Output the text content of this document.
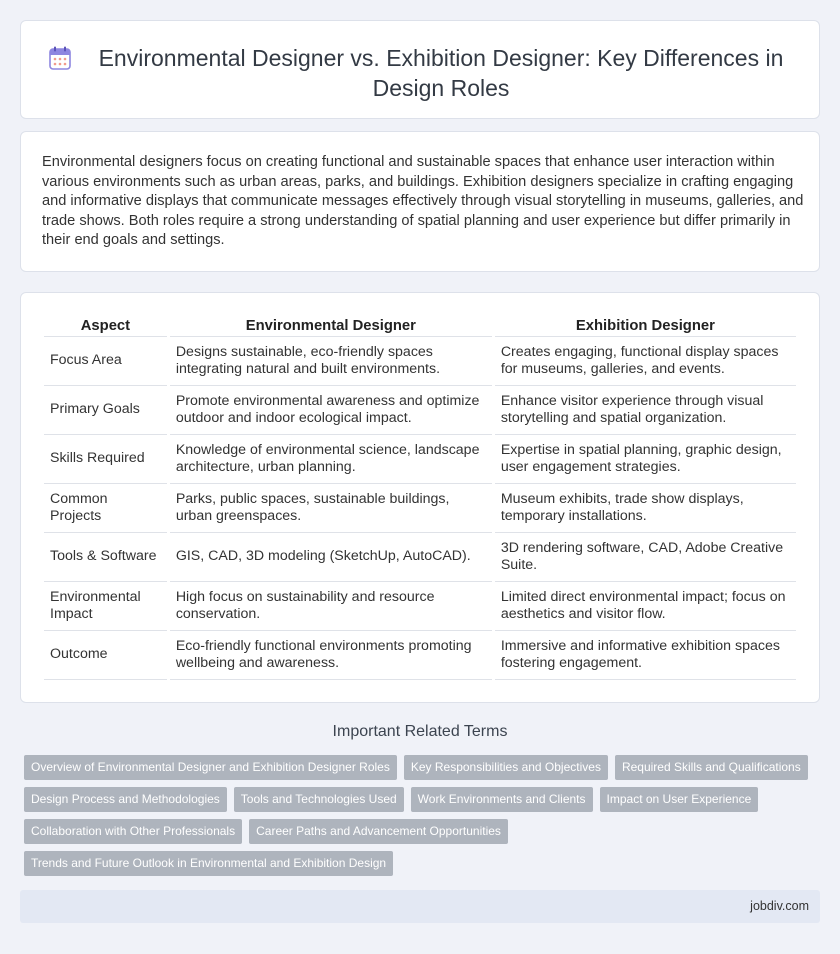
Environmental Designer vs. Exhibition Designer: Key Differences in Design Roles

Environmental designers focus on creating functional and sustainable spaces that enhance user interaction within various environments such as urban areas, parks, and buildings. Exhibition designers specialize in crafting engaging and informative displays that communicate messages effectively through visual storytelling in museums, galleries, and trade shows. Both roles require a strong understanding of spatial planning and user experience but differ primarily in their end goals and settings.

Aspect	Environmental Designer	Exhibition Designer
Focus Area	Designs sustainable, eco-friendly spaces integrating natural and built environments.	Creates engaging, functional display spaces for museums, galleries, and events.
Primary Goals	Promote environmental awareness and optimize outdoor and indoor ecological impact.	Enhance visitor experience through visual storytelling and spatial organization.
Skills Required	Knowledge of environmental science, landscape architecture, urban planning.	Expertise in spatial planning, graphic design, user engagement strategies.
Common Projects	Parks, public spaces, sustainable buildings, urban greenspaces.	Museum exhibits, trade show displays, temporary installations.
Tools & Software	GIS, CAD, 3D modeling (SketchUp, AutoCAD).	3D rendering software, CAD, Adobe Creative Suite.
Environmental Impact	High focus on sustainability and resource conservation.	Limited direct environmental impact; focus on aesthetics and visitor flow.
Outcome	Eco-friendly functional environments promoting wellbeing and awareness.	Immersive and informative exhibition spaces fostering engagement.
Important Related Terms
Overview of Environmental Designer and Exhibition Designer Roles	Key Responsibilities and Objectives	Required Skills and Qualifications
Design Process and Methodologies	Tools and Technologies Used	Work Environments and Clients	Impact on User Experience
Collaboration with Other Professionals	Career Paths and Advancement Opportunities
Trends and Future Outlook in Environmental and Exhibition Design
jobdiv.com
